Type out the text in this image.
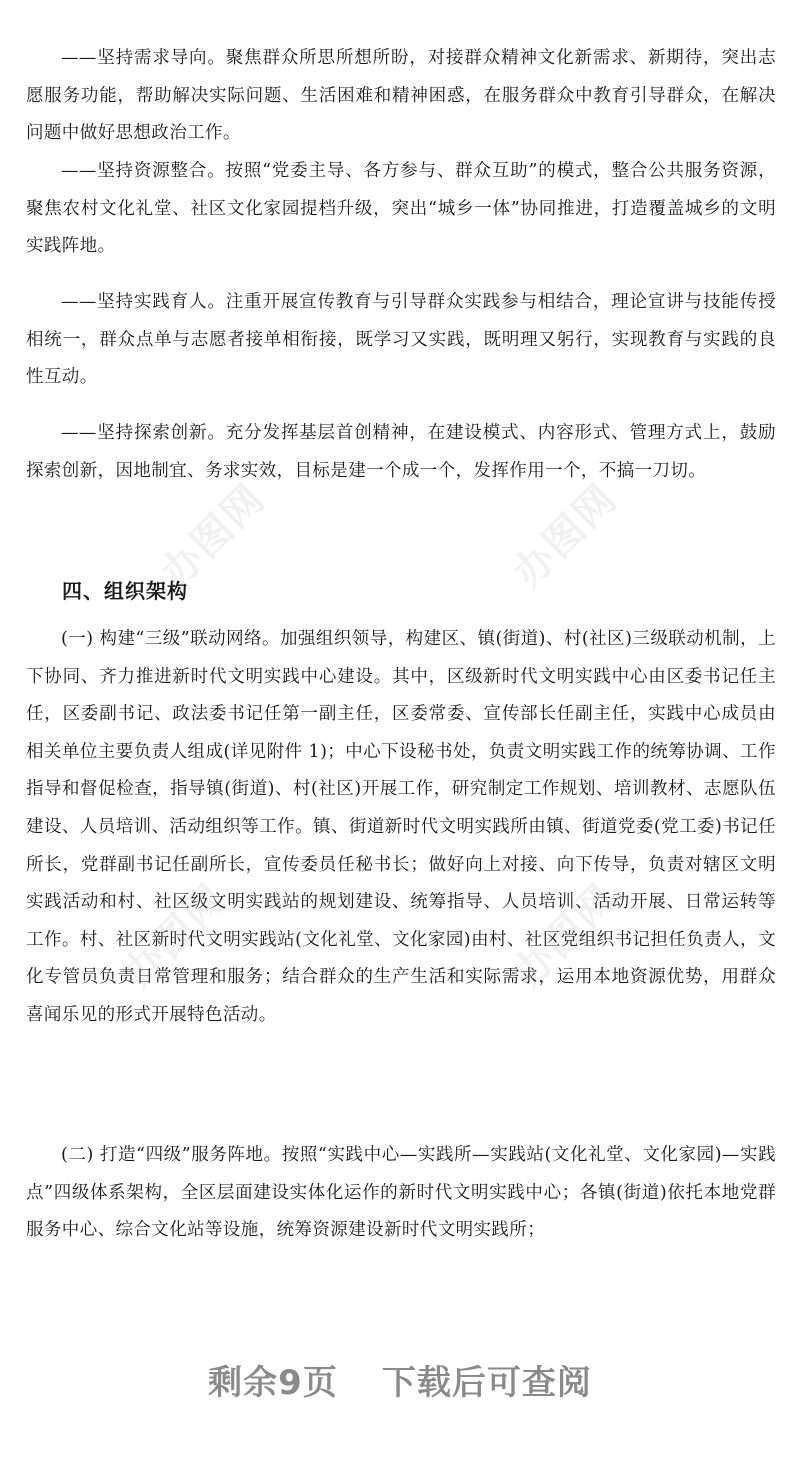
——坚持需求导向。聚焦群众所思所想所盼，对接群众精神文化新需求、新期待，突出志愿服务功能，帮助解决实际问题、生活困难和精神困惑，在服务群众中教育引导群众，在解决问题中做好思想政治工作。

——坚持资源整合。按照“党委主导、各方参与、群众互助”的模式，整合公共服务资源，聚焦农村文化礼堂、社区文化家园提档升级，突出“城乡一体”协同推进，打造覆盖城乡的文明实践阵地。

——坚持实践育人。注重开展宣传教育与引导群众实践参与相结合，理论宣讲与技能传授相统一，群众点单与志愿者接单相衔接，既学习又实践，既明理又躬行，实现教育与实践的良性互动。

——坚持探索创新。充分发挥基层首创精神，在建设模式、内容形式、管理方式上，鼓励探索创新，因地制宜、务求实效，目标是建一个成一个，发挥作用一个，不搞一刀切。

四、组织架构

(一) 构建“三级”联动网络。加强组织领导，构建区、镇(街道)、村(社区)三级联动机制，上下协同、齐力推进新时代文明实践中心建设。其中，区级新时代文明实践中心由区委书记任主任，区委副书记、政法委书记任第一副主任，区委常委、宣传部长任副主任，实践中心成员由相关单位主要负责人组成(详见附件 1)；中心下设秘书处，负责文明实践工作的统筹协调、工作指导和督促检查，指导镇(街道)、村(社区)开展工作，研究制定工作规划、培训教材、志愿队伍建设、人员培训、活动组织等工作。镇、街道新时代文明实践所由镇、街道党委(党工委)书记任所长，党群副书记任副所长，宣传委员任秘书长；做好向上对接、向下传导，负责对辖区文明实践活动和村、社区级文明实践站的规划建设、统筹指导、人员培训、活动开展、日常运转等工作。村、社区新时代文明实践站(文化礼堂、文化家园)由村、社区党组织书记担任负责人，文化专管员负责日常管理和服务；结合群众的生产生活和实际需求，运用本地资源优势，用群众喜闻乐见的形式开展特色活动。

(二) 打造“四级”服务阵地。按照“实践中心—实践所—实践站(文化礼堂、文化家园)—实践点”四级体系架构，全区层面建设实体化运作的新时代文明实践中心；各镇(街道)依托本地党群服务中心、综合文化站等设施，统筹资源建设新时代文明实践所；

办图网	办图网
办图网	办图网

剩余9页 下载后可查阅
